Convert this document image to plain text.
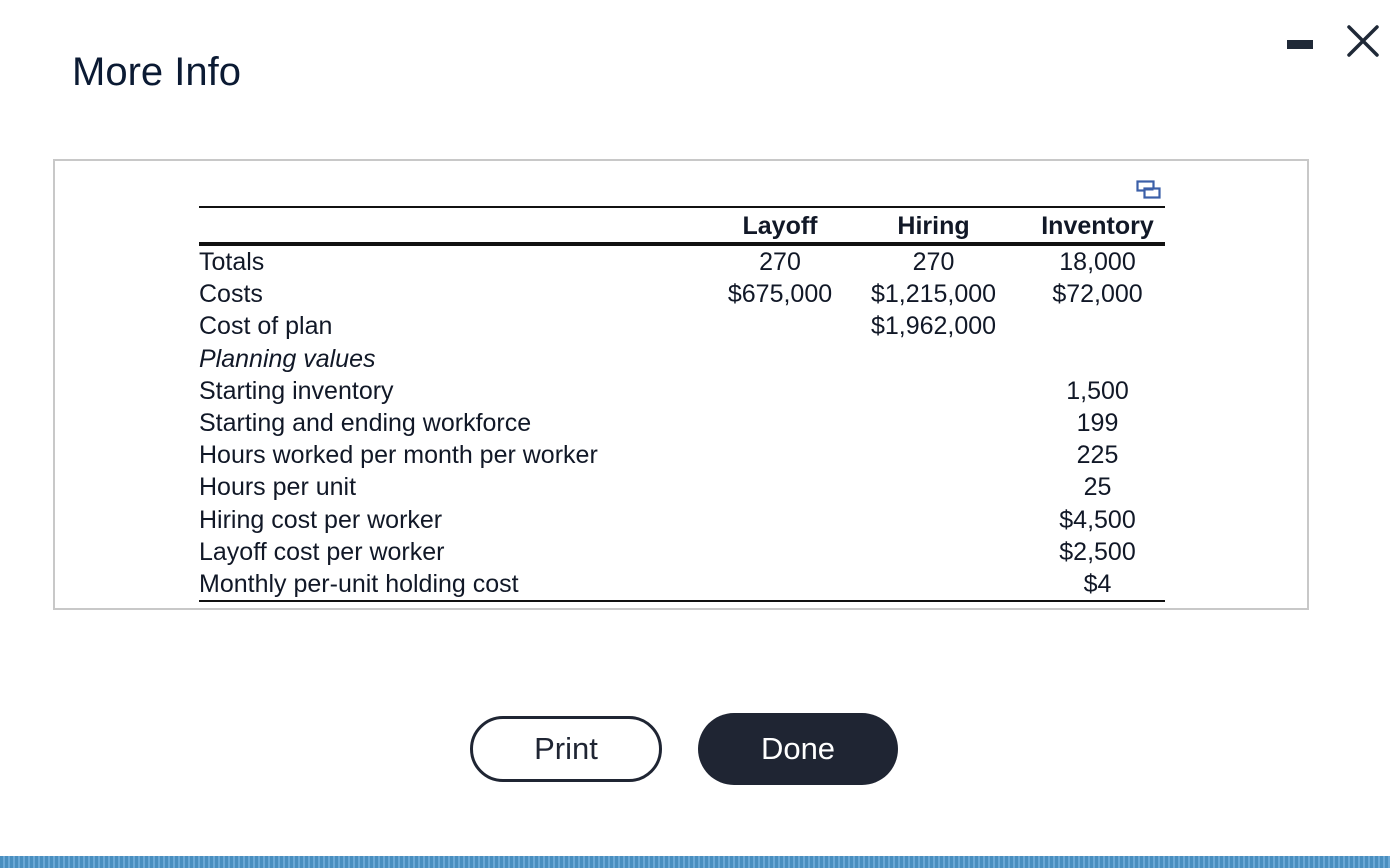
More Info
	Layoff	Hiring	Inventory
Totals	270	270	18,000
Costs	$675,000	$1,215,000	$72,000
Cost of plan		$1,962,000	
Planning values			
Starting inventory			1,500
Starting and ending workforce			199
Hours worked per month per worker			225
Hours per unit			25
Hiring cost per worker			$4,500
Layoff cost per worker			$2,500
Monthly per-unit holding cost			$4
Print	Done
